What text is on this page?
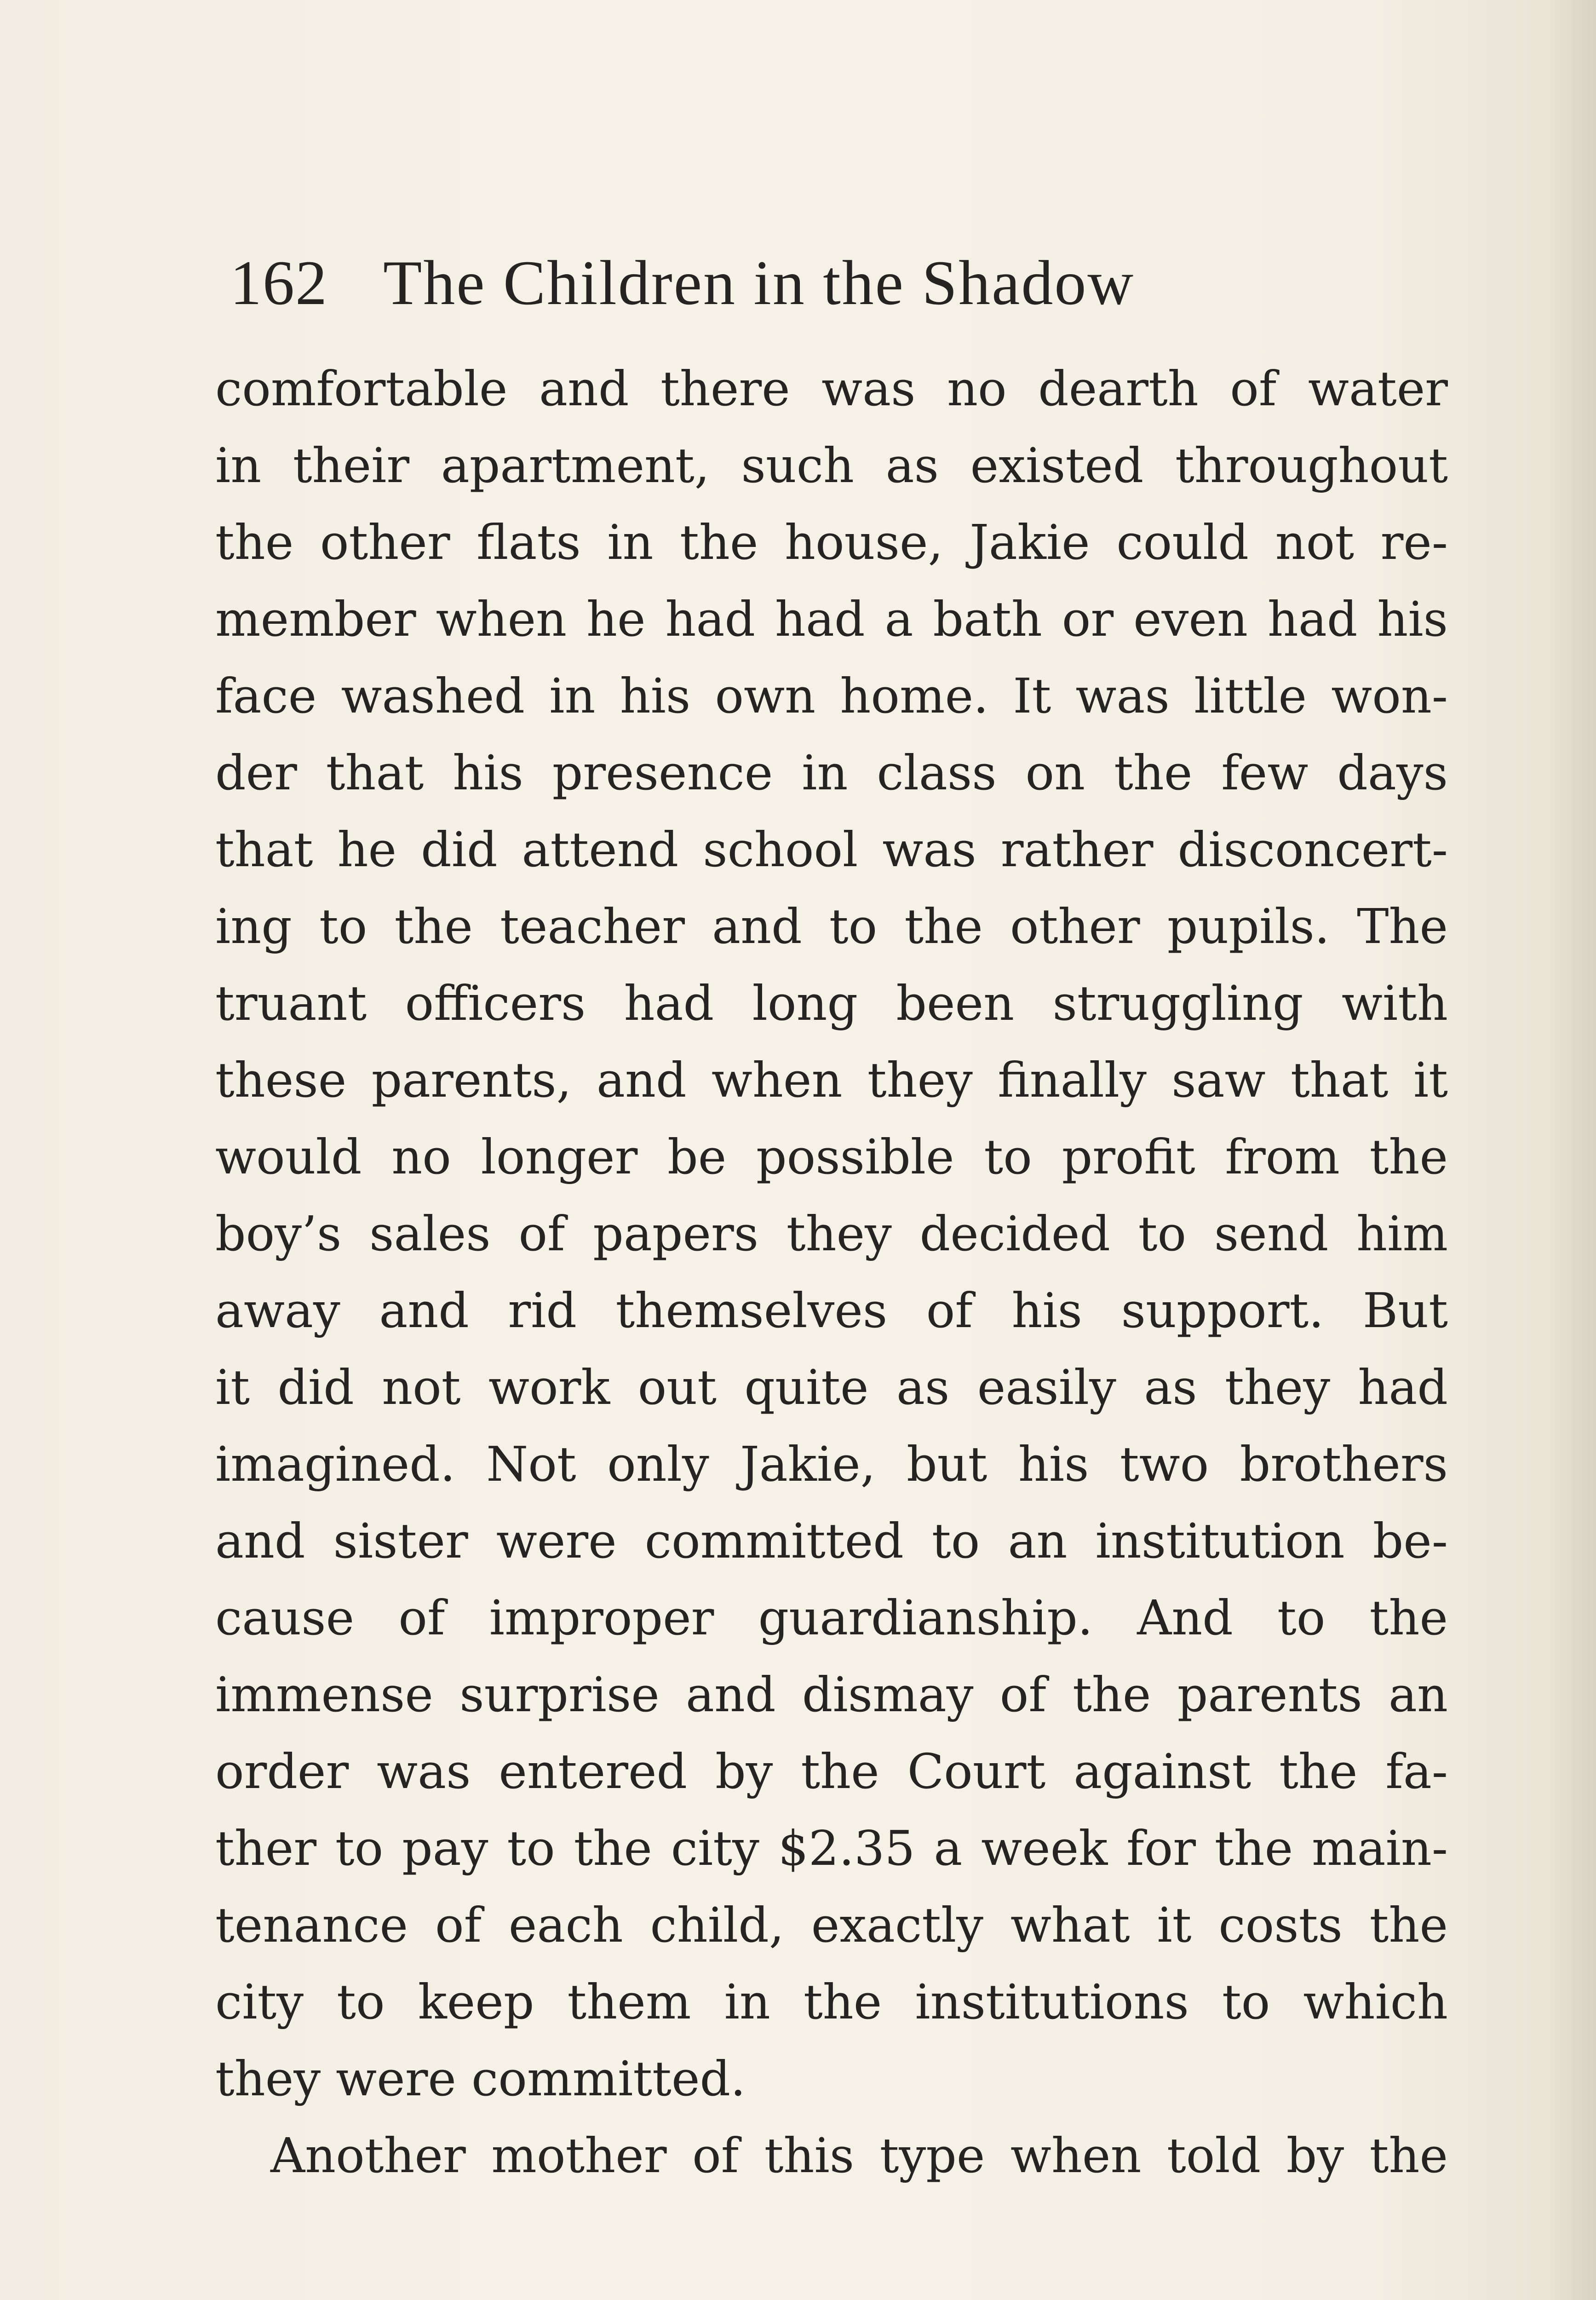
162 The Children in the Shadow
comfortable and there was no dearth of water
in their apartment, such as existed throughout
the other flats in the house, Jakie could not re-
member when he had had a bath or even had his
face washed in his own home. It was little won-
der that his presence in class on the few days
that he did attend school was rather disconcert-
ing to the teacher and to the other pupils. The
truant officers had long been struggling with
these parents, and when they finally saw that it
would no longer be possible to profit from the
boy’s sales of papers they decided to send him
away and rid themselves of his support. But
it did not work out quite as easily as they had
imagined. Not only Jakie, but his two brothers
and sister were committed to an institution be-
cause of improper guardianship. And to the
immense surprise and dismay of the parents an
order was entered by the Court against the fa-
ther to pay to the city $2.35 a week for the main-
tenance of each child, exactly what it costs the
city to keep them in the institutions to which
they were committed.
Another mother of this type when told by the
